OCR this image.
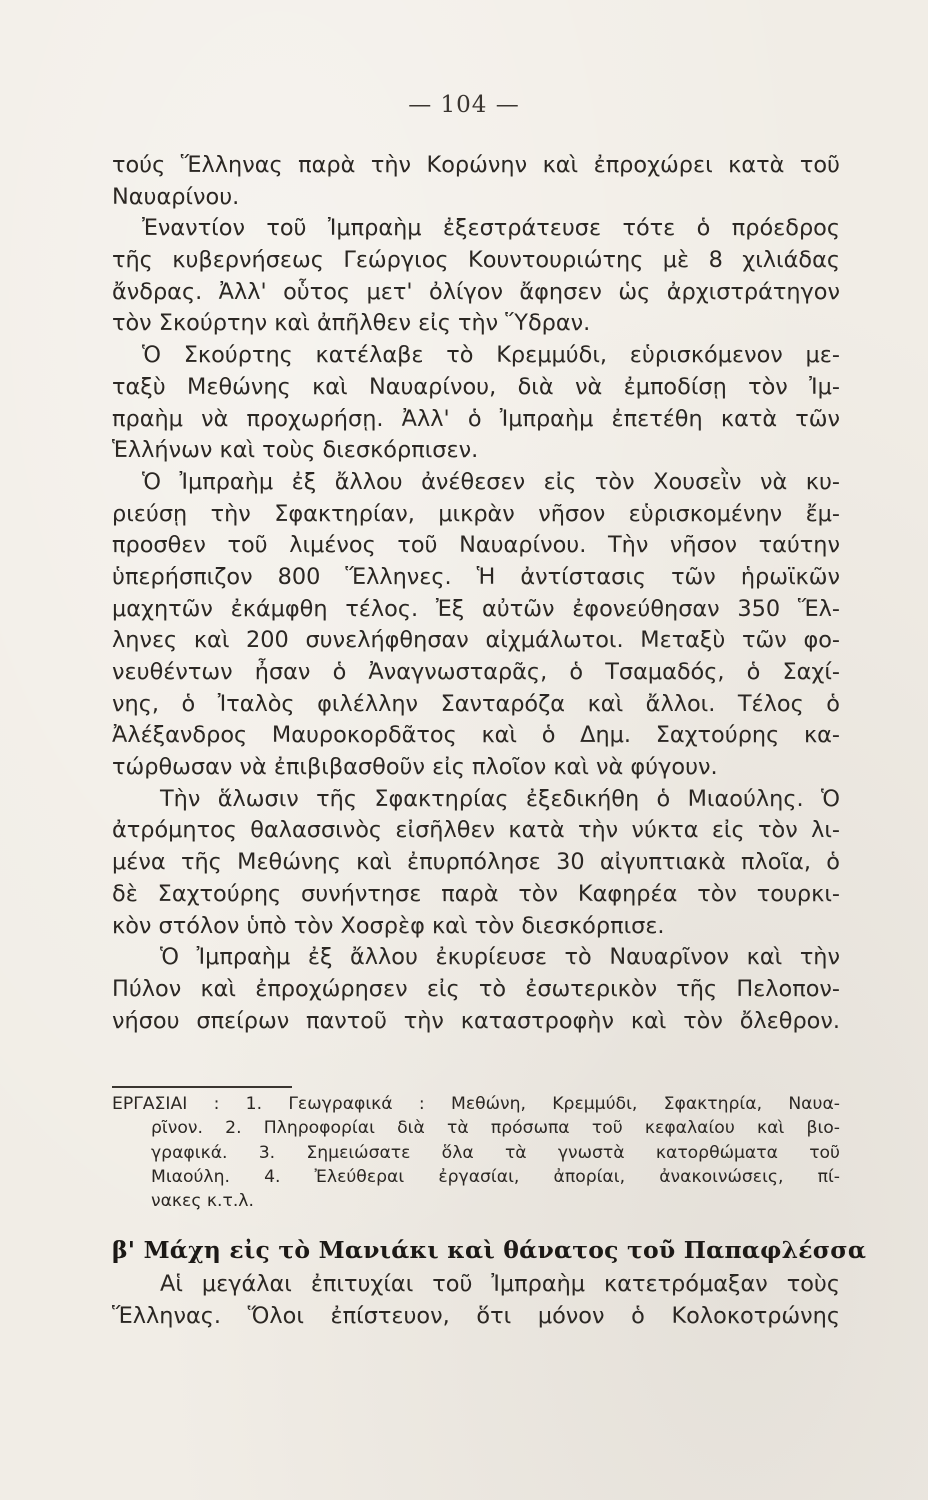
— 104 —
τούς Ἕλληνας παρὰ τὴν Κορώνην καὶ ἐπροχώρει κατὰ τοῦ
Ναυαρίνου.
Ἐναντίον τοῦ Ἰμπραὴμ ἐξεστράτευσε τότε ὁ πρόεδρος
τῆς κυβερνήσεως Γεώργιος Κουντουριώτης μὲ 8 χιλιάδας
ἄνδρας. Ἀλλ' οὗτος μετ' ὀλίγον ἄφησεν ὡς ἀρχιστράτηγον
τὸν Σκούρτην καὶ ἀπῆλθεν εἰς τὴν Ὕδραν.
Ὁ Σκούρτης κατέλαβε τὸ Κρεμμύδι, εὑρισκόμενον με-
ταξὺ Μεθώνης καὶ Ναυαρίνου, διὰ νὰ ἐμποδίσῃ τὸν Ἰμ-
πραὴμ νὰ προχωρήσῃ. Ἀλλ' ὁ Ἰμπραὴμ ἐπετέθη κατὰ τῶν
Ἑλλήνων καὶ τοὺς διεσκόρπισεν.
Ὁ Ἰμπραὴμ ἐξ ἄλλου ἀνέθεσεν εἰς τὸν Χουσεῒν νὰ κυ-
ριεύσῃ τὴν Σφακτηρίαν, μικρὰν νῆσον εὑρισκομένην ἔμ-
προσθεν τοῦ λιμένος τοῦ Ναυαρίνου. Τὴν νῆσον ταύτην
ὑπερήσπιζον 800 Ἕλληνες. Ἡ ἀντίστασις τῶν ἡρωϊκῶν
μαχητῶν ἐκάμφθη τέλος. Ἐξ αὐτῶν ἐφονεύθησαν 350 Ἕλ-
ληνες καὶ 200 συνελήφθησαν αἰχμάλωτοι. Μεταξὺ τῶν φο-
νευθέντων ἦσαν ὁ Ἀναγνωσταρᾶς, ὁ Τσαμαδός, ὁ Σαχί-
νης, ὁ Ἰταλὸς φιλέλλην Σανταρόζα καὶ ἄλλοι. Τέλος ὁ
Ἀλέξανδρος Μαυροκορδᾶτος καὶ ὁ Δημ. Σαχτούρης κα-
τώρθωσαν νὰ ἐπιβιβασθοῦν εἰς πλοῖον καὶ νὰ φύγουν.
Τὴν ἅλωσιν τῆς Σφακτηρίας ἐξεδικήθη ὁ Μιαούλης. Ὁ
ἀτρόμητος θαλασσινὸς εἰσῆλθεν κατὰ τὴν νύκτα εἰς τὸν λι-
μένα τῆς Μεθώνης καὶ ἐπυρπόλησε 30 αἰγυπτιακὰ πλοῖα, ὁ
δὲ Σαχτούρης συνήντησε παρὰ τὸν Καφηρέα τὸν τουρκι-
κὸν στόλον ὑπὸ τὸν Χοσρὲφ καὶ τὸν διεσκόρπισε.
Ὁ Ἰμπραὴμ ἐξ ἄλλου ἐκυρίευσε τὸ Ναυαρῖνον καὶ τὴν
Πύλον καὶ ἐπροχώρησεν εἰς τὸ ἐσωτερικὸν τῆς Πελοπον-
νήσου σπείρων παντοῦ τὴν καταστροφὴν καὶ τὸν ὄλεθρον.
ΕΡΓΑΣΙΑΙ : 1. Γεωγραφικά : Μεθώνη, Κρεμμύδι, Σφακτηρία, Ναυα-
ρῖνον. 2. Πληροφορίαι διὰ τὰ πρόσωπα τοῦ κεφαλαίου καὶ βιο-
γραφικά. 3. Σημειώσατε ὅλα τὰ γνωστὰ κατορθώματα τοῦ
Μιαούλη. 4. Ἐλεύθεραι ἐργασίαι, ἀπορίαι, ἀνακοινώσεις, πί-
νακες κ.τ.λ.
β' Μάχη εἰς τὸ Μανιάκι καὶ θάνατος τοῦ Παπαφλέσσα
Αἱ μεγάλαι ἐπιτυχίαι τοῦ Ἰμπραὴμ κατετρόμαξαν τοὺς
Ἕλληνας. Ὅλοι ἐπίστευον, ὅτι μόνον ὁ Κολοκοτρώνης
